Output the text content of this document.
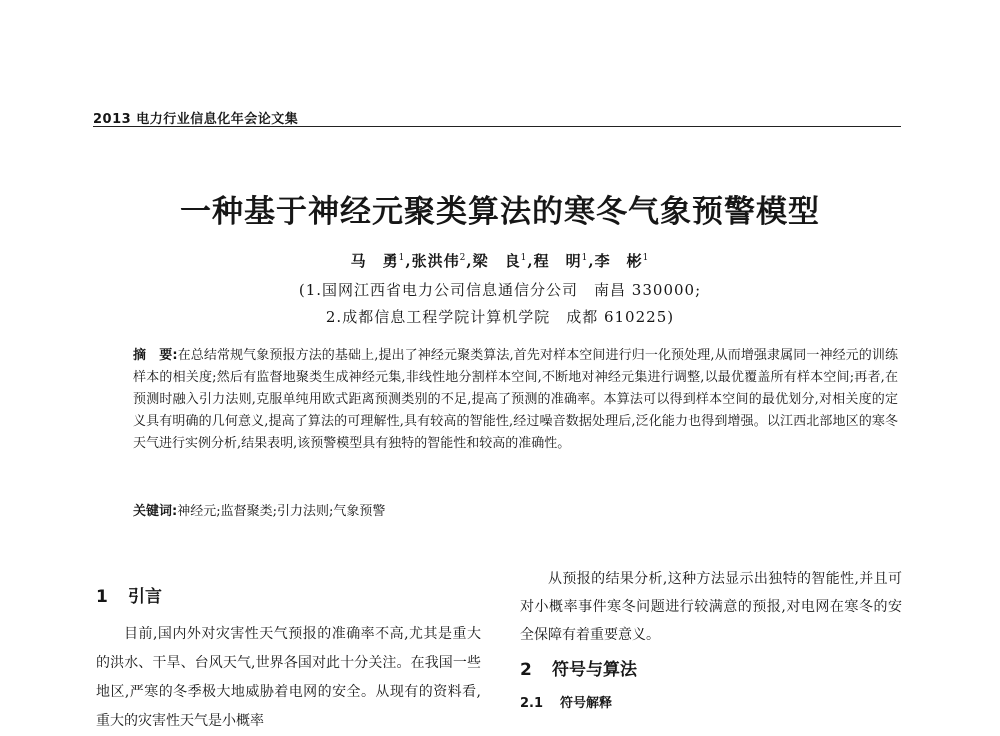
2013 电力行业信息化年会论文集
一种基于神经元聚类算法的寒冬气象预警模型
马　勇$^1$,张洪伟$^2$,梁　良$^1$,程　明$^1$,李　彬$^1$
(1.国网江西省电力公司信息通信分公司　南昌 330000;
2.成都信息工程学院计算机学院　成都 610225)
摘　要:在总结常规气象预报方法的基础上,提出了神经元聚类算法,首先对样本空间进行归一化预处理,从而增强隶属同一神经元的训练样本的相关度;然后有监督地聚类生成神经元集,非线性地分割样本空间,不断地对神经元集进行调整,以最优覆盖所有样本空间;再者,在预测时融入引力法则,克服单纯用欧式距离预测类别的不足,提高了预测的准确率。本算法可以得到样本空间的最优划分,对相关度的定义具有明确的几何意义,提高了算法的可理解性,具有较高的智能性,经过噪音数据处理后,泛化能力也得到增强。以江西北部地区的寒冬天气进行实例分析,结果表明,该预警模型具有独特的智能性和较高的准确性。
关键词:神经元;监督聚类;引力法则;气象预警
1 引言
目前,国内外对灾害性天气预报的准确率不高,尤其是重大的洪水、干旱、台风天气,世界各国对此十分关注。在我国一些地区,严寒的冬季极大地威胁着电网的安全。从现有的资料看,重大的灾害性天气是小概率
从预报的结果分析,这种方法显示出独特的智能性,并且可对小概率事件寒冬问题进行较满意的预报,对电网在寒冬的安全保障有着重要意义。
2 符号与算法
2.1 符号解释
